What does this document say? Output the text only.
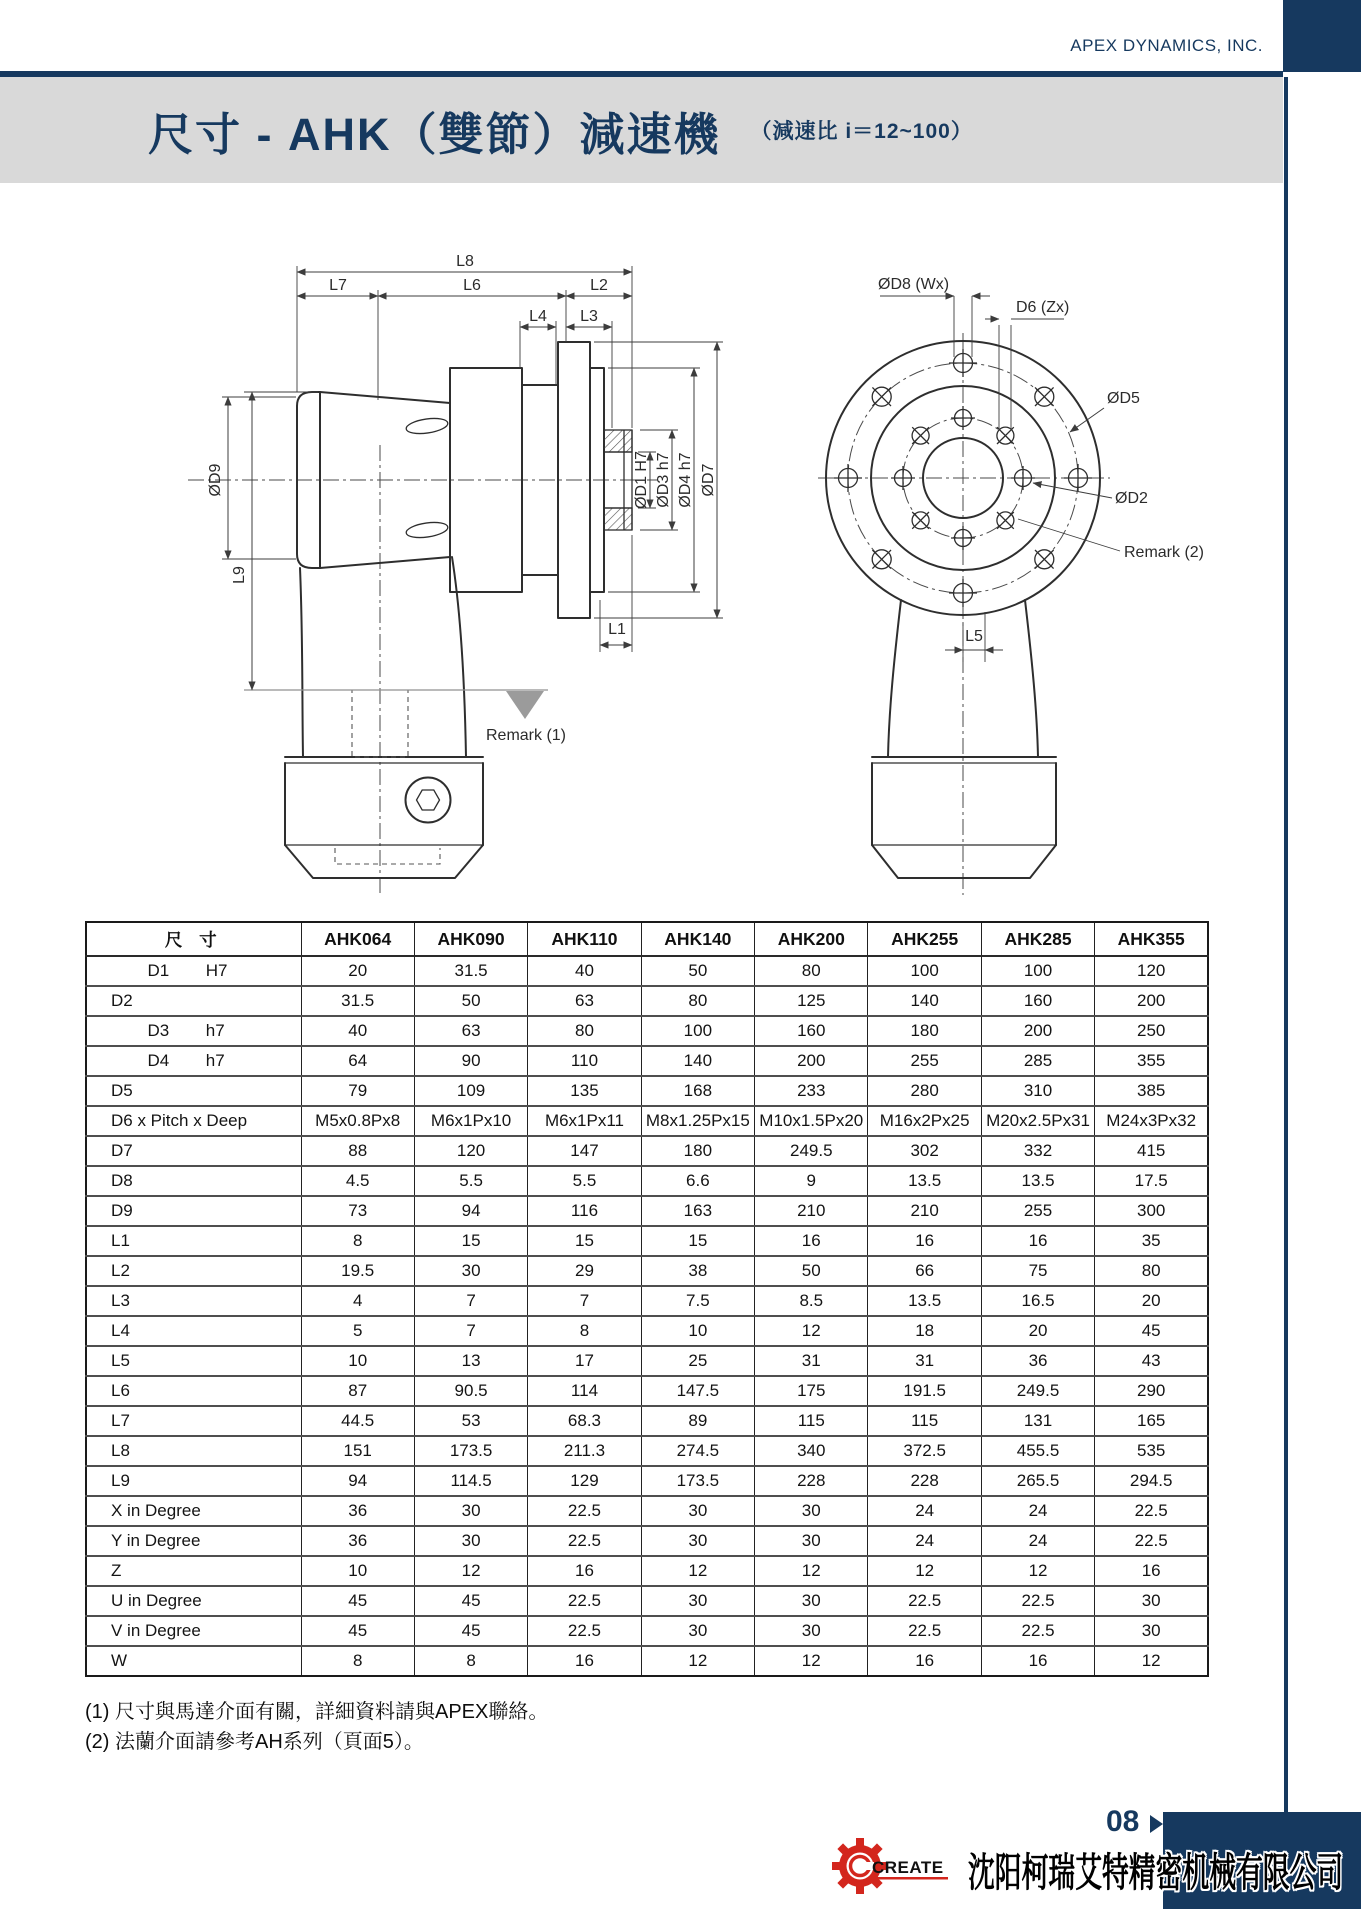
APEX DYNAMICS, INC.
尺寸 - AHK（雙節）減速機 （減速比 i＝12~100）
L8
L7	L6	L2
L4 L3
ØD9
L9
Remark (1)
L1
ØD1 H7 ØD3 h7 ØD4 h7 ØD7
ØD8 (Wx)
D6 (Zx)
ØD5
ØD2
Remark (2)
L5
尺 寸	AHK064	AHK090	AHK110	AHK140	AHK200	AHK255	AHK285	AHK355

D1 H7	20	31.5	40	50	80	100	100	120

D2	31.5	50	63	80	125	140	160	200

D3 h7	40	63	80	100	160	180	200	250

D4 h7	64	90	110	140	200	255	285	355

D5	79	109	135	168	233	280	310	385

D6 x Pitch x Deep	M5x0.8Px8	M6x1Px10	M6x1Px11	M8x1.25Px15	M10x1.5Px20	M16x2Px25	M20x2.5Px31	M24x3Px32

D7	88	120	147	180	249.5	302	332	415

D8	4.5	5.5	5.5	6.6	9	13.5	13.5	17.5

D9	73	94	116	163	210	210	255	300

L1	8	15	15	15	16	16	16	35

L2	19.5	30	29	38	50	66	75	80

L3	4	7	7	7.5	8.5	13.5	16.5	20

L4	5	7	8	10	12	18	20	45

L5	10	13	17	25	31	31	36	43

L6	87	90.5	114	147.5	175	191.5	249.5	290

L7	44.5	53	68.3	89	115	115	131	165

L8	151	173.5	211.3	274.5	340	372.5	455.5	535

L9	94	114.5	129	173.5	228	228	265.5	294.5

X in Degree	36	30	22.5	30	30	24	24	22.5

Y in Degree	36	30	22.5	30	30	24	24	22.5

Z	10	12	16	12	12	12	12	16

U in Degree	45	45	22.5	30	30	22.5	22.5	30

V in Degree	45	45	22.5	30	30	22.5	22.5	30

W	8	8	16	12	12	16	16	12
(1) 尺寸與馬達介面有關，詳細資料請與APEX聯絡。
(2) 法蘭介面請參考AH系列（頁面5）。
08
CREATE 沈阳柯瑞艾特精密机械有限公司
